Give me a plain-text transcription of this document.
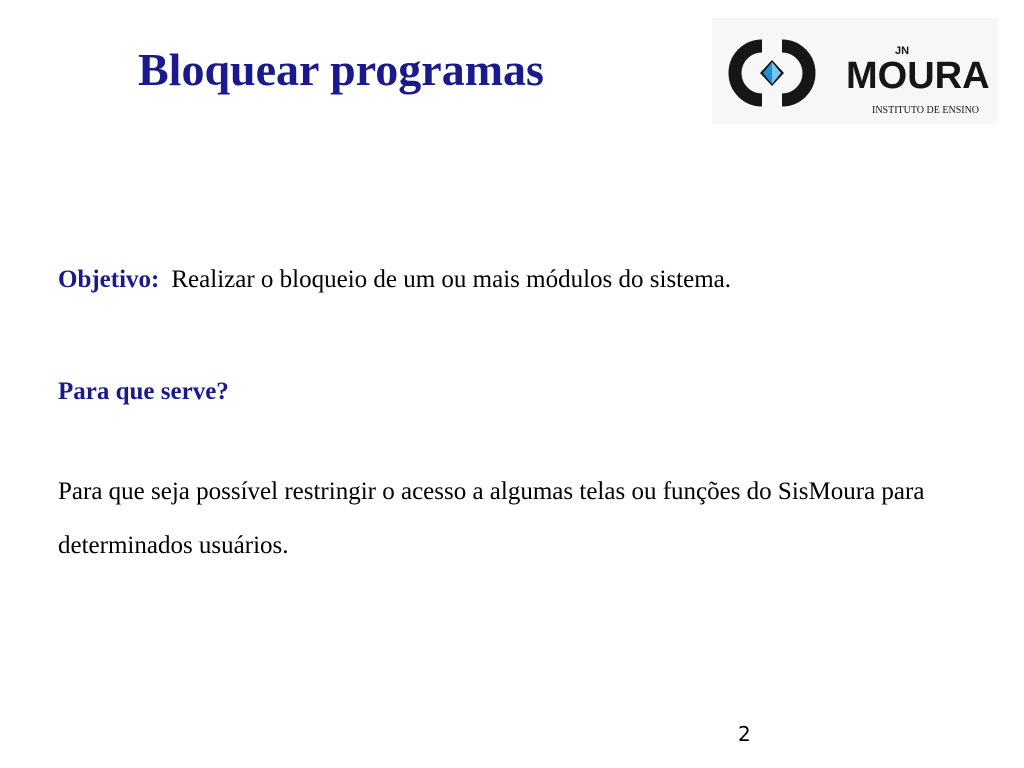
Bloquear programas	MOURA
JN
INSTITUTO DE ENSINO

Objetivo: Realizar o bloqueio de um ou mais módulos do sistema.

Para que serve?

Para que seja possível restringir o acesso a algumas telas ou funções do SisMoura para determinados usuários.

2
